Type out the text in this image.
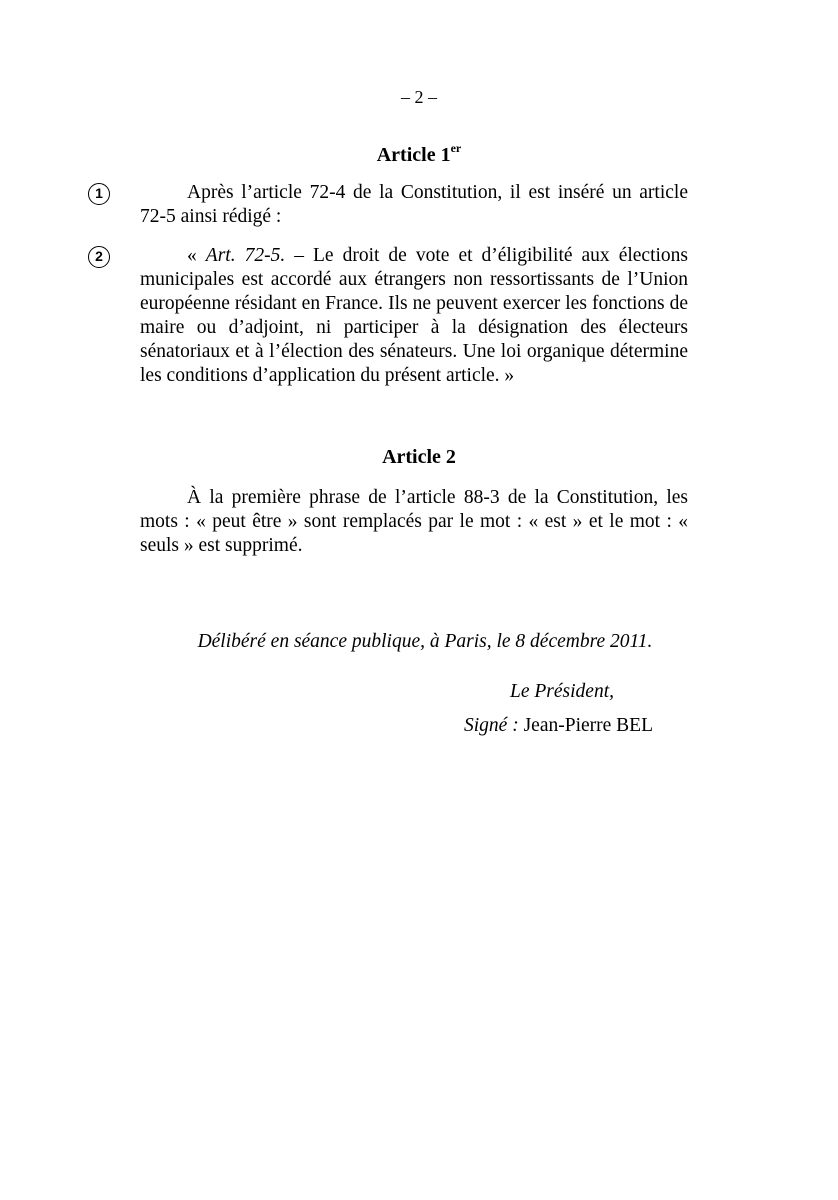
– 2 –
Article 1er
1	Après l’article 72-4 de la Constitution, il est inséré un article 72-5 ainsi rédigé :

2	« Art. 72-5. – Le droit de vote et d’éligibilité aux élections municipales est accordé aux étrangers non ressortissants de l’Union européenne résidant en France. Ils ne peuvent exercer les fonctions de maire ou d’adjoint, ni participer à la désignation des électeurs sénatoriaux et à l’élection des sénateurs. Une loi organique détermine les conditions d’application du présent article. »

Article 2

À la première phrase de l’article 88-3 de la Constitution, les mots : « peut être » sont remplacés par le mot : « est » et le mot : « seuls » est supprimé.

Délibéré en séance publique, à Paris, le 8 décembre 2011.
Le Président,
Signé : Jean-Pierre BEL
